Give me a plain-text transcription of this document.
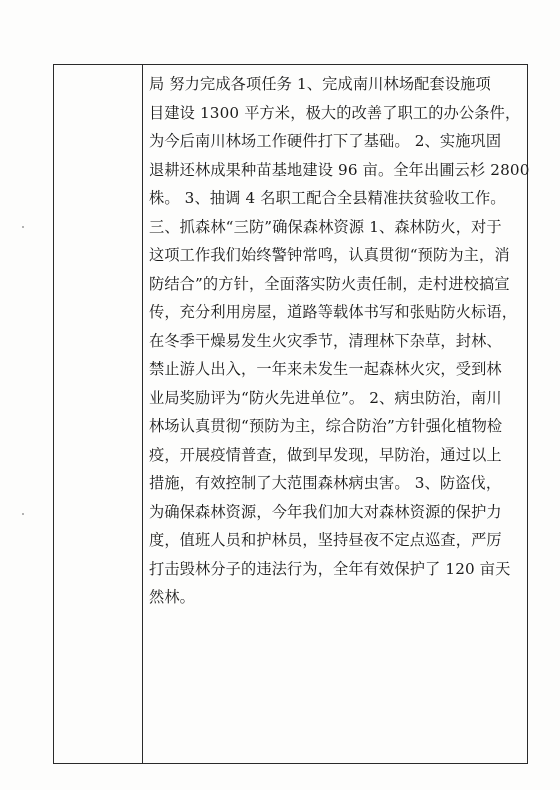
局 努力完成各项任务 1、完成南川林场配套设施项
目建设 1300 平方米，极大的改善了职工的办公条件，
为今后南川林场工作硬件打下了基础。 2、实施巩固
退耕还林成果种苗基地建设 96 亩。全年出圃云杉 2800
株。 3、抽调 4 名职工配合全县精准扶贫验收工作。
三、抓森林“三防”确保森林资源 1、森林防火，对于
这项工作我们始终警钟常鸣，认真贯彻“预防为主，消
防结合”的方针，全面落实防火责任制，走村进校搞宣
传，充分利用房屋，道路等载体书写和张贴防火标语，
在冬季干燥易发生火灾季节，清理林下杂草，封林、
禁止游人出入，一年来未发生一起森林火灾，受到林
业局奖励评为“防火先进单位”。 2、病虫防治，南川
林场认真贯彻“预防为主，综合防治”方针强化植物检
疫，开展疫情普查，做到早发现，早防治，通过以上
措施，有效控制了大范围森林病虫害。 3、防盗伐，
为确保森林资源，今年我们加大对森林资源的保护力
度，值班人员和护林员，坚持昼夜不定点巡查，严厉
打击毁林分子的违法行为，全年有效保护了 120 亩天
然林。
